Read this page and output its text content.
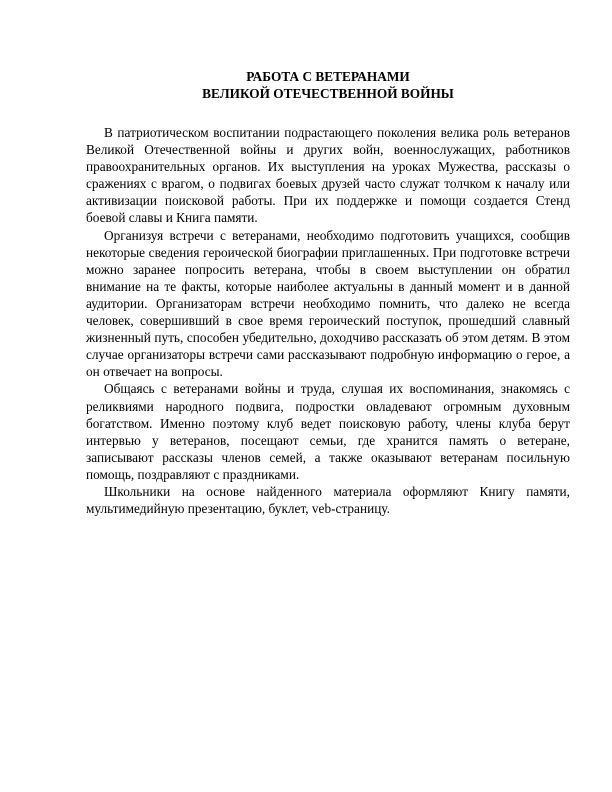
РАБОТА С ВЕТЕРАНАМИ
ВЕЛИКОЙ ОТЕЧЕСТВЕННОЙ ВОЙНЫ

В патриотическом воспитании подрастающего поколения велика роль ветеранов Великой Отечественной войны и других войн, военнослужащих, работников правоохранительных органов. Их выступления на уроках Мужества, рассказы о сражениях с врагом, о подвигах боевых друзей часто служат толчком к началу или активизации поисковой работы. При их поддержке и помощи создается Стенд боевой славы и Книга памяти.

Организуя встречи с ветеранами, необходимо подготовить учащихся, сообщив некоторые сведения героической биографии приглашенных. При подготовке встречи можно заранее попросить ветерана, чтобы в своем выступлении он обратил внимание на те факты, которые наиболее актуальны в данный момент и в данной аудитории. Организаторам встречи необходимо помнить, что далеко не всегда человек, совершивший в свое время героический поступок, прошедший славный жизненный путь, способен убедительно, доходчиво рассказать об этом детям. В этом случае организаторы встречи сами рассказывают подробную информацию о герое, а он отвечает на вопросы.

Общаясь с ветеранами войны и труда, слушая их воспоминания, знакомясь с реликвиями народного подвига, подростки овладевают огромным духовным богатством. Именно поэтому клуб ведет поисковую работу, члены клуба берут интервью у ветеранов, посещают семьи, где хранится память о ветеране, записывают рассказы членов семей, а также оказывают ветеранам посильную помощь, поздравляют с праздниками.

Школьники на основе найденного материала оформляют Книгу памяти, мультимедийную презентацию, буклет, veb-страницу.
